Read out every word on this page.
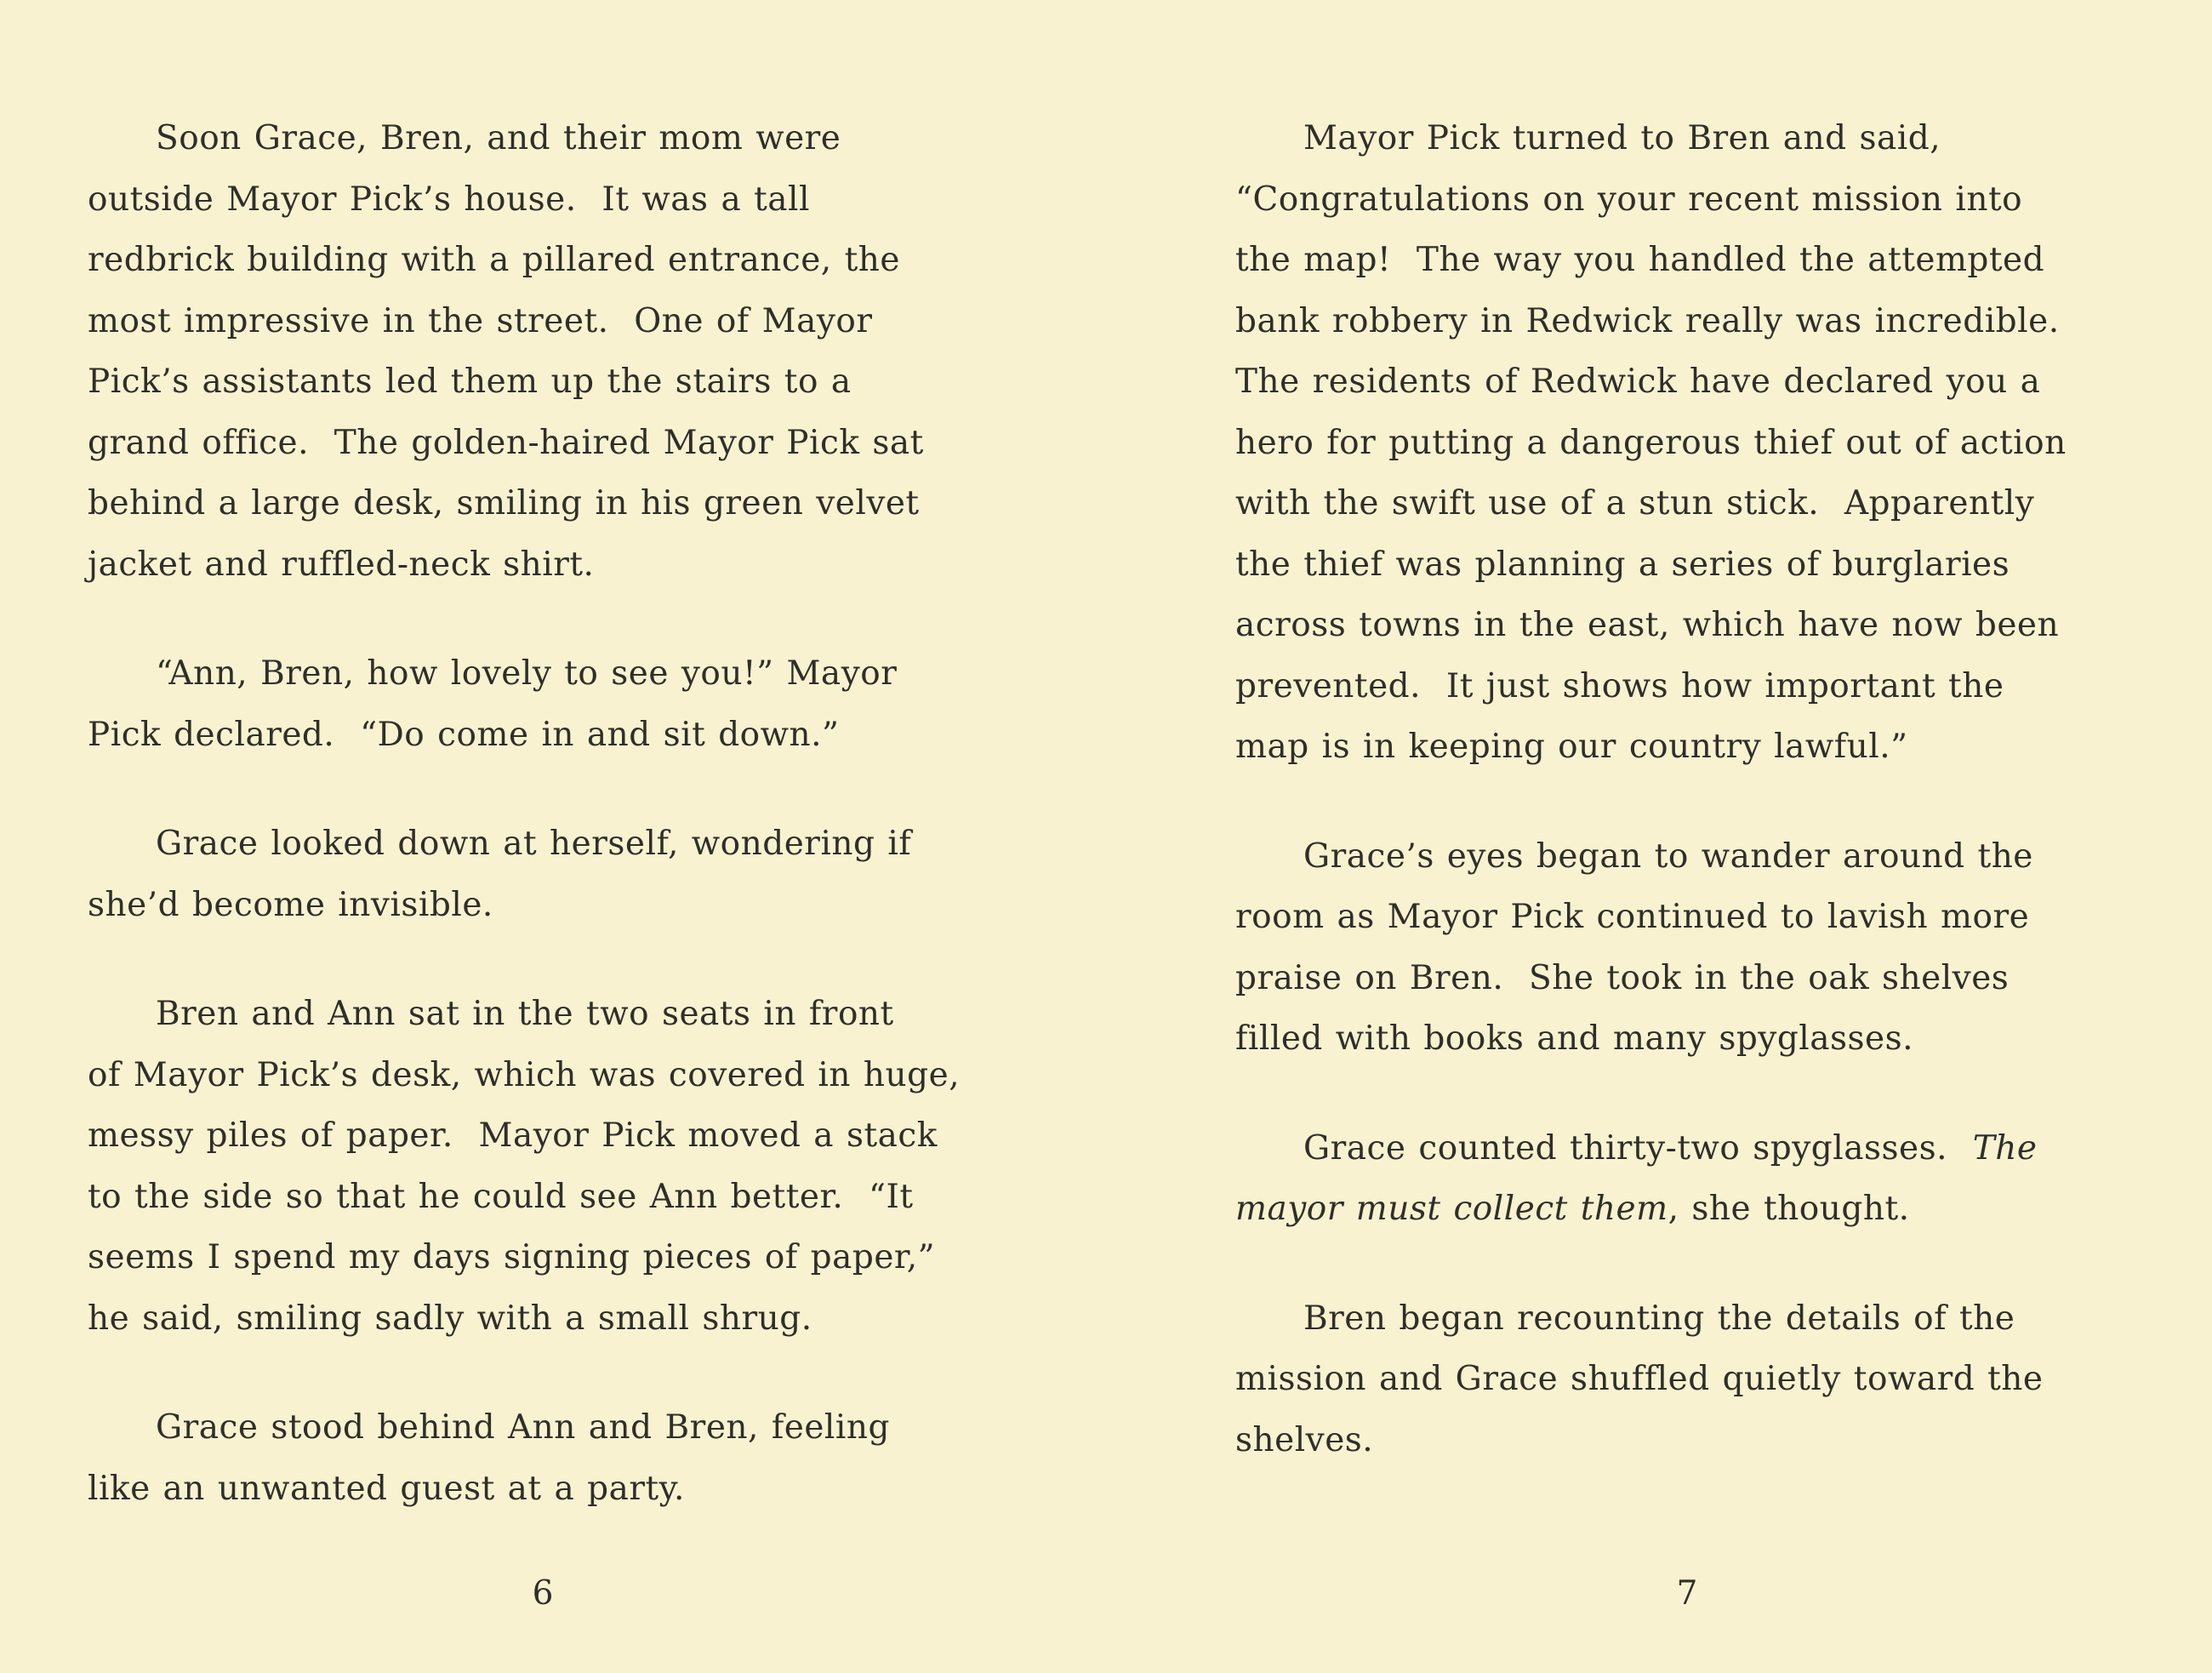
Soon Grace, Bren, and their mom were
outside Mayor Pick’s house.  It was a tall
redbrick building with a pillared entrance, the
most impressive in the street.  One of Mayor
Pick’s assistants led them up the stairs to a
grand office.  The golden-haired Mayor Pick sat
behind a large desk, smiling in his green velvet
jacket and ruffled-neck shirt.
“Ann, Bren, how lovely to see you!” Mayor
Pick declared.  “Do come in and sit down.”
Grace looked down at herself, wondering if
she’d become invisible.
Bren and Ann sat in the two seats in front
of Mayor Pick’s desk, which was covered in huge,
messy piles of paper.  Mayor Pick moved a stack
to the side so that he could see Ann better.  “It
seems I spend my days signing pieces of paper,”
he said, smiling sadly with a small shrug.
Grace stood behind Ann and Bren, feeling
like an unwanted guest at a party.
6
Mayor Pick turned to Bren and said,
“Congratulations on your recent mission into
the map!  The way you handled the attempted
bank robbery in Redwick really was incredible.
The residents of Redwick have declared you a
hero for putting a dangerous thief out of action
with the swift use of a stun stick.  Apparently
the thief was planning a series of burglaries
across towns in the east, which have now been
prevented.  It just shows how important the
map is in keeping our country lawful.”
Grace’s eyes began to wander around the
room as Mayor Pick continued to lavish more
praise on Bren.  She took in the oak shelves
filled with books and many spyglasses.
Grace counted thirty-two spyglasses.  The
mayor must collect them, she thought.
Bren began recounting the details of the
mission and Grace shuffled quietly toward the
shelves.
7
